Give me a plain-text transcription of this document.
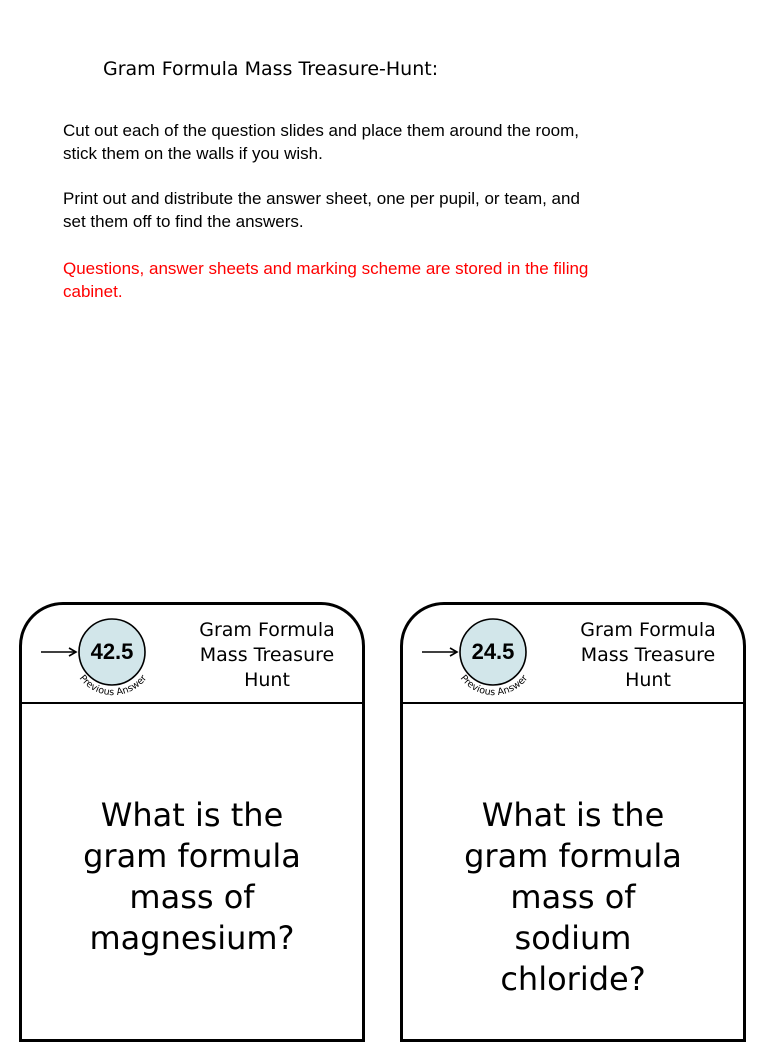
Gram Formula Mass Treasure-Hunt:
Cut out each of the question slides and place them around the room,
stick them on the walls if you wish.
Print out and distribute the answer sheet, one per pupil, or team, and
set them off to find the answers.
Questions, answer sheets and marking scheme are stored in the filing
cabinet.
42.5
Previous Answer
Gram Formula
Mass Treasure
Hunt
What is the
gram formula
mass of
magnesium?
24.5
Previous Answer
Gram Formula
Mass Treasure
Hunt
What is the
gram formula
mass of
sodium
chloride?
